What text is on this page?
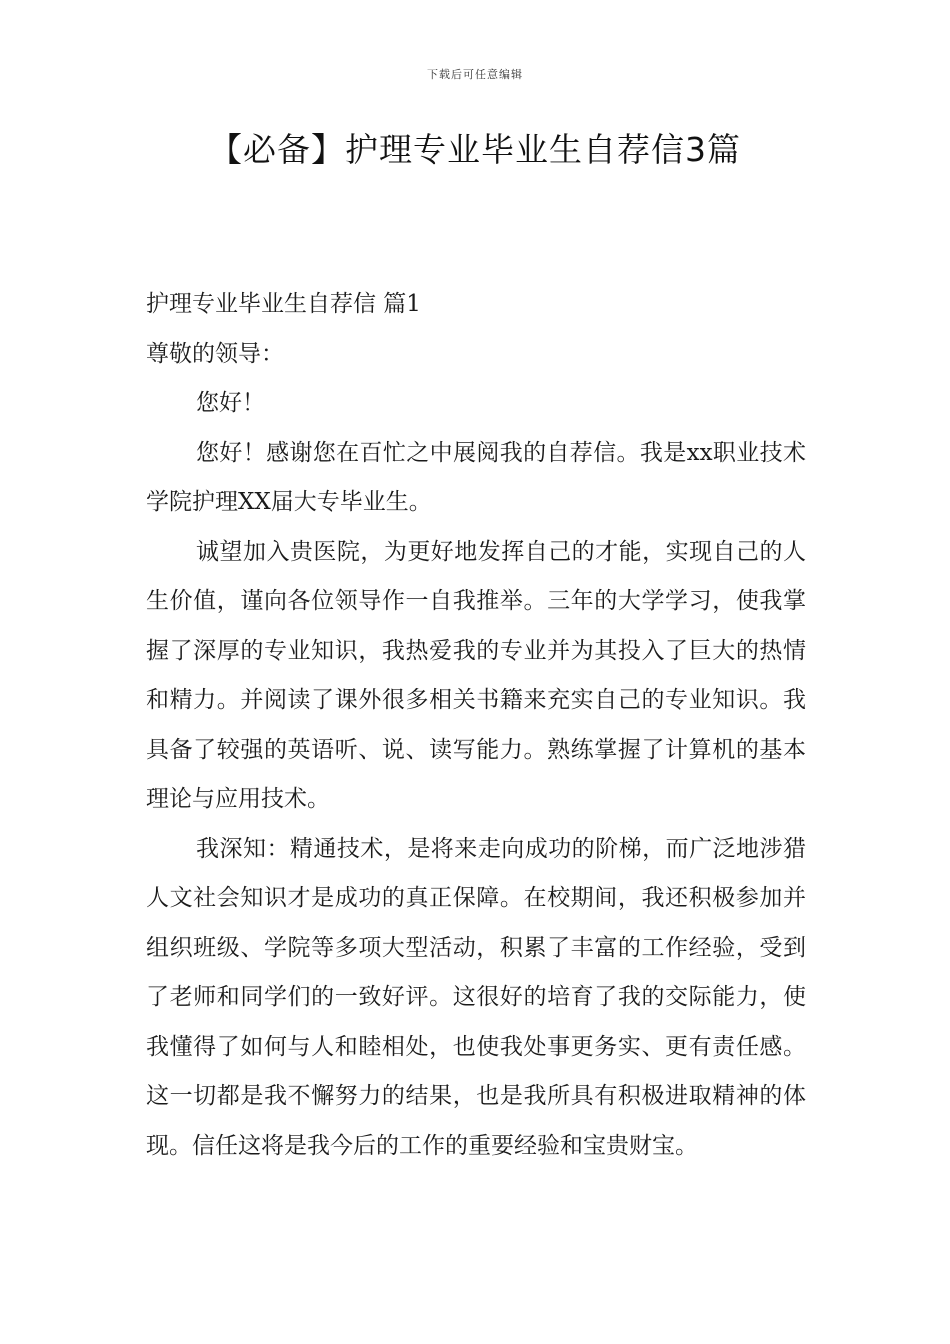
下载后可任意编辑
【必备】护理专业毕业生自荐信3篇

护理专业毕业生自荐信 篇1

尊敬的领导：

您好！

您好！感谢您在百忙之中展阅我的自荐信。我是xx职业技术学院护理XX届大专毕业生。

诚望加入贵医院，为更好地发挥自己的才能，实现自己的人生价值，谨向各位领导作一自我推举。三年的大学学习，使我掌握了深厚的专业知识，我热爱我的专业并为其投入了巨大的热情和精力。并阅读了课外很多相关书籍来充实自己的专业知识。我具备了较强的英语听、说、读写能力。熟练掌握了计算机的基本理论与应用技术。

我深知：精通技术，是将来走向成功的阶梯，而广泛地涉猎人文社会知识才是成功的真正保障。在校期间，我还积极参加并组织班级、学院等多项大型活动，积累了丰富的工作经验，受到了老师和同学们的一致好评。这很好的培育了我的交际能力，使我懂得了如何与人和睦相处，也使我处事更务实、更有责任感。这一切都是我不懈努力的结果，也是我所具有积极进取精神的体现。信任这将是我今后的工作的重要经验和宝贵财宝。
